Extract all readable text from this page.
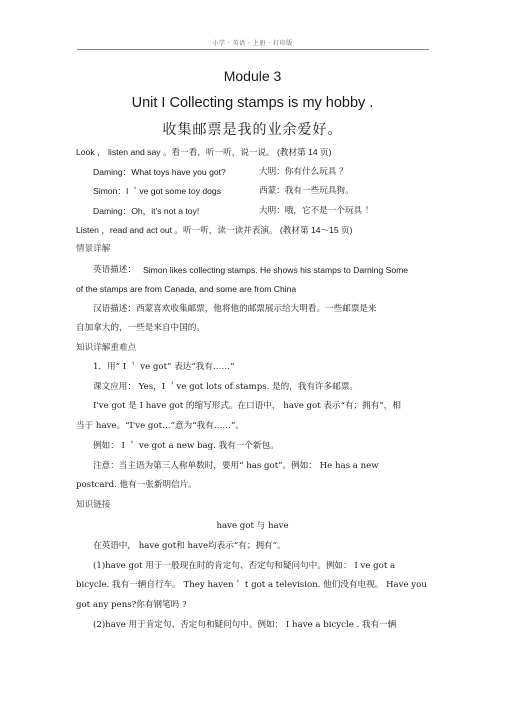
小学 · 英语 · 上册 · 打印版
Module 3
Unit I Collecting stamps is my hobby .
收集邮票是我的业余爱好。
Look ， listen and say 。看一看，听一听，说一说。 (教材第 14 页)
Daming：What toys have you got?	大明：你有什么玩具 ？
Simon：I ＇ve got some toy dogs	西蒙：我有一些玩具狗。
Daming：Oh，it's not a toy!	大明：哦，它不是一个玩具 ！
Listen ，read and act out 。听一听，读一读并表演。 (教材第 14～15 页)
情景详解
英语描述： Simon likes collecting stamps. He shows his stamps to Darning Some
of the stamps are from Canada, and some are from China
汉语描述：西蒙喜欢收集邮票，他将他的邮票展示给大明看。一些邮票是来
自加拿大的，一些是来自中国的。
知识详解重难点
1．用“ I ＇ ve got” 表达“我有……”
课文应用： Yes，I ＇ve got lots of stamps. 是的，我有许多邮票。
I've got 是 I have got 的缩写形式。在口语中， have got 表示“有；拥有”，相
当于 have。“I've got…”意为“我有……”。
例如： I ＇ ve got a new bag. 我有一个新包。
注意：当主语为第三人称单数时，要用“ has got”。例如： He has a new
postcard. 他有一张新明信片。
知识链接
have got 与 have
在英语中， have got和 have均表示“有；拥有”。
(1)have got 用于一般现在时的肯定句、否定句和疑问句中。例如： I ve got a
bicycle. 我有一辆自行车。 They haven＇ t got a television. 他们没有电视。 Have you
got any pens?你有钢笔吗 ?
(2)have 用于肯定句、否定句和疑问句中。例如： I have a bicycle . 我有一辆
